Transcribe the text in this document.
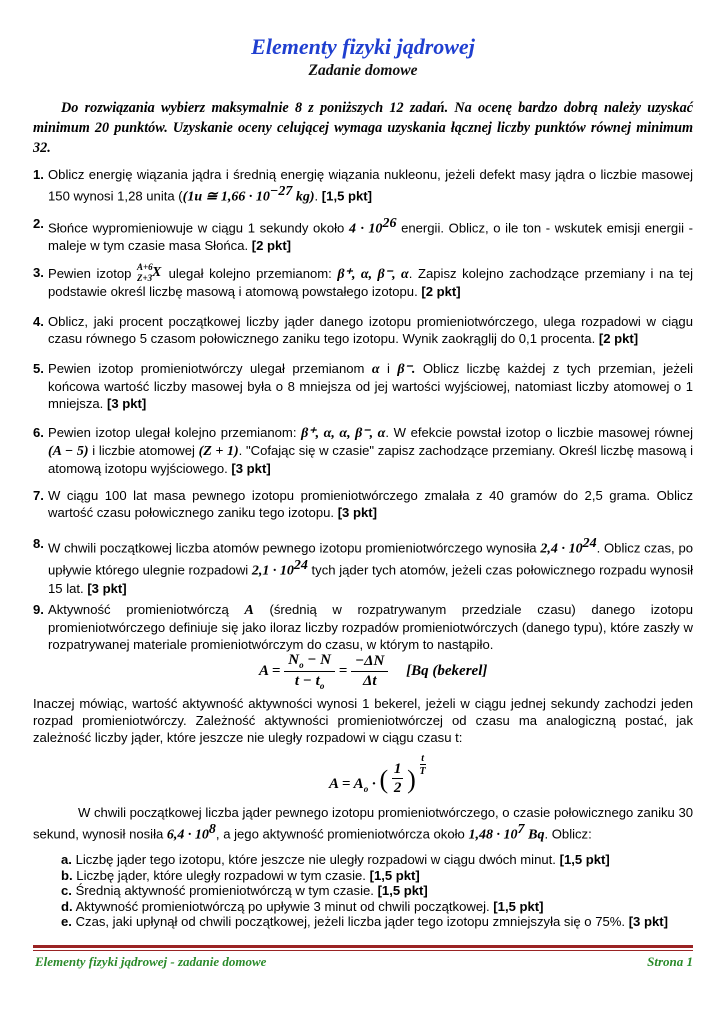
Elementy fizyki jądrowej
Zadanie domowe
Do rozwiązania wybierz maksymalnie 8 z poniższych 12 zadań. Na ocenę bardzo dobrą należy uzyskać minimum 20 punktów. Uzyskanie oceny celującej wymaga uzyskania łącznej liczby punktów równej minimum 32.
1. Oblicz energię wiązania jądra i średnią energię wiązania nukleonu, jeżeli defekt masy jądra o liczbie masowej 150 wynosi 1,28 unita ((1u ≅ $1,66 \cdot 10^{-27}$ kg). [1,5 pkt]
2. Słońce wypromieniowuje w ciągu 1 sekundy około $4 \cdot 10^{26}$ energii. Oblicz, o ile ton - wskutek emisji energii - maleje w tym czasie masa Słońca. [2 pkt]
3. Pewien izotop A+6
Z+3 X ulegał kolejno przemianom: β⁺, α, β⁻, α. Zapisz kolejno zachodzące przemiany i na tej podstawie określ liczbę masową i atomową powstałego izotopu. [2 pkt]
4. Oblicz, jaki procent początkowej liczby jąder danego izotopu promieniotwórczego, ulega rozpadowi w ciągu czasu równego 5 czasom połowicznego zaniku tego izotopu. Wynik zaokrąglij do 0,1 procenta. [2 pkt]
5. Pewien izotop promieniotwórczy ulegał przemianom α i β⁻. Oblicz liczbę każdej z tych przemian, jeżeli końcowa wartość liczby masowej była o 8 mniejsza od jej wartości wyjściowej, natomiast liczby atomowej o 1 mniejsza. [3 pkt]
6. Pewien izotop ulegał kolejno przemianom: β⁺, α, α, β⁻, α. W efekcie powstał izotop o liczbie masowej równej (A − 5) i liczbie atomowej (Z + 1). "Cofając się w czasie" zapisz zachodzące przemiany. Określ liczbę masową i atomową izotopu wyjściowego. [3 pkt]
7. W ciągu 100 lat masa pewnego izotopu promieniotwórczego zmalała z 40 gramów do 2,5 grama. Oblicz wartość czasu połowicznego zaniku tego izotopu. [3 pkt]
8. W chwili początkowej liczba atomów pewnego izotopu promieniotwórczego wynosiła $2,4 \cdot 10^{24}$. Oblicz czas, po upływie którego ulegnie rozpadowi $2,1 \cdot 10^{24}$ tych jąder tych atomów, jeżeli czas połowicznego rozpadu wynosił 15 lat. [3 pkt]
9. Aktywność promieniotwórczą A (średnią w rozpatrywanym przedziale czasu) danego izotopu promieniotwórczego definiuje się jako iloraz liczby rozpadów promieniotwórczych (danego typu), które zaszły w rozpatrywanej materiale promieniotwórczym do czasu, w którym to nastąpiło.
$A = \frac{N_o - N}{t - t_o} = \frac{-\Delta N}{\Delta t} [Bq$ (bekerel]
Inaczej mówiąc, wartość aktywność aktywności wynosi 1 bekerel, jeżeli w ciągu jednej sekundy zachodzi jeden rozpad promieniotwórczy. Zależność aktywności promieniotwórczej od czasu ma analogiczną postać, jak zależność liczby jąder, które jeszcze nie uległy rozpadowi w ciągu czasu t:
$A = A_o$ · ( $\frac{1}{2}$ )
$\frac{t}{T}$
W chwili początkowej liczba jąder pewnego izotopu promieniotwórczego, o czasie połowicznego zaniku 30 sekund, wynosił nosiła $6,4 \cdot 10^8$, a jego aktywność promieniotwórcza około $1,48 \cdot 10^7$ Bq. Oblicz:
a. Liczbę jąder tego izotopu, które jeszcze nie uległy rozpadowi w ciągu dwóch minut. [1,5 pkt]
b. Liczbę jąder, które uległy rozpadowi w tym czasie. [1,5 pkt]
c. Średnią aktywność promieniotwórczą w tym czasie. [1,5 pkt]
d. Aktywność promieniotwórczą po upływie 3 minut od chwili początkowej. [1,5 pkt]
e. Czas, jaki upłynął od chwili początkowej, jeżeli liczba jąder tego izotopu zmniejszyła się o 75%. [3 pkt]
Elementy fizyki jądrowej - zadanie domowe	Strona 1
